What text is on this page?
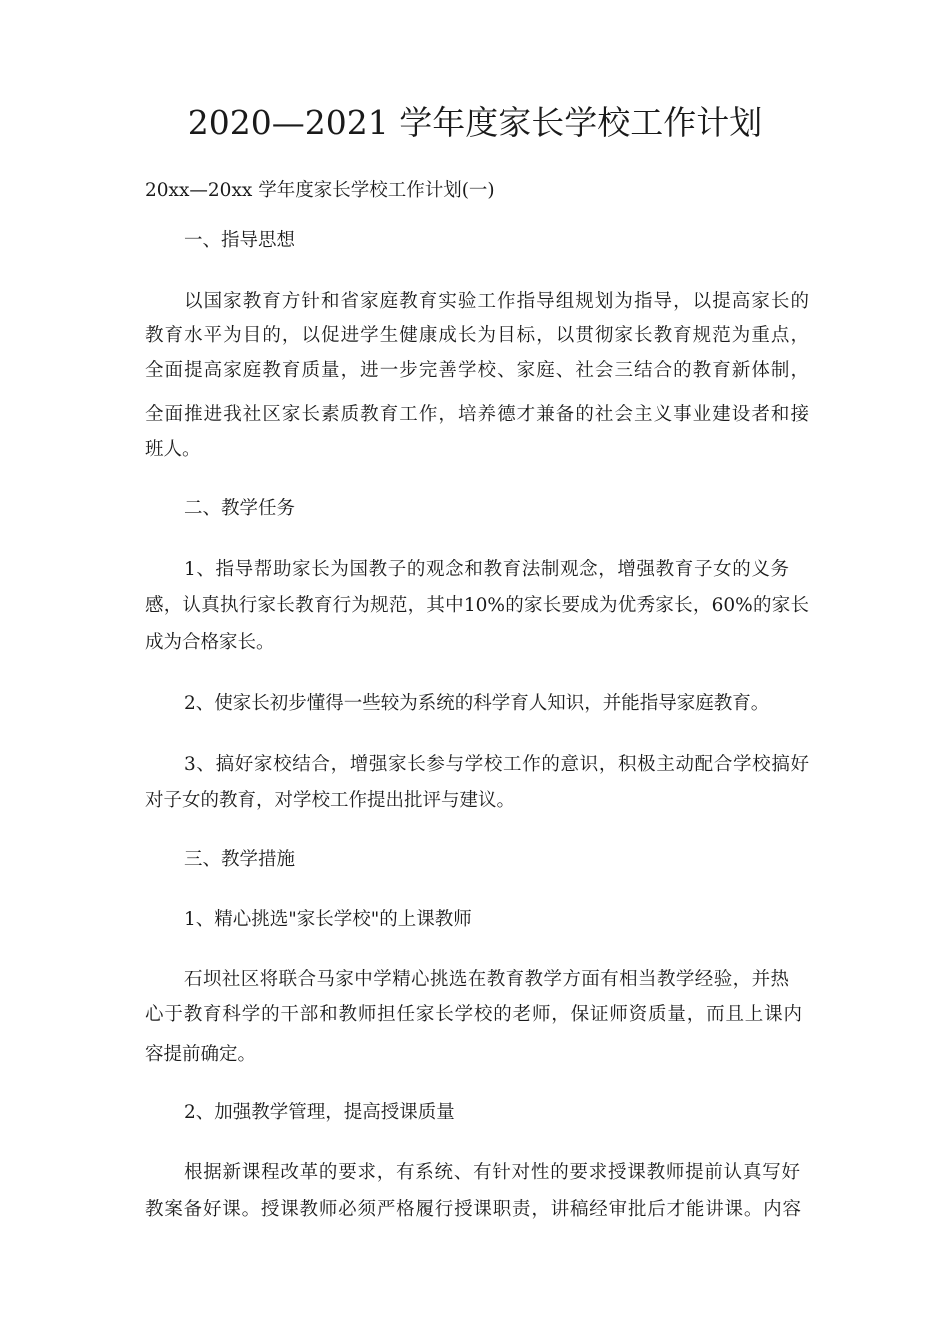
2020—2021 学年度家长学校工作计划
20xx—20xx 学年度家长学校工作计划(一)
一、指导思想
以国家教育方针和省家庭教育实验工作指导组规划为指导，以提高家长的
教育水平为目的，以促进学生健康成长为目标，以贯彻家长教育规范为重点，
全面提高家庭教育质量，进一步完善学校、家庭、社会三结合的教育新体制，
全面推进我社区家长素质教育工作，培养德才兼备的社会主义事业建设者和接
班人。
二、教学任务
1、指导帮助家长为国教子的观念和教育法制观念，增强教育子女的义务
感，认真执行家长教育行为规范，其中10%的家长要成为优秀家长，60%的家长
成为合格家长。
2、使家长初步懂得一些较为系统的科学育人知识，并能指导家庭教育。
3、搞好家校结合，增强家长参与学校工作的意识，积极主动配合学校搞好
对子女的教育，对学校工作提出批评与建议。
三、教学措施
1、精心挑选"家长学校"的上课教师
石坝社区将联合马家中学精心挑选在教育教学方面有相当教学经验，并热
心于教育科学的干部和教师担任家长学校的老师，保证师资质量，而且上课内
容提前确定。
2、加强教学管理，提高授课质量
根据新课程改革的要求，有系统、有针对性的要求授课教师提前认真写好
教案备好课。授课教师必须严格履行授课职责，讲稿经审批后才能讲课。内容
